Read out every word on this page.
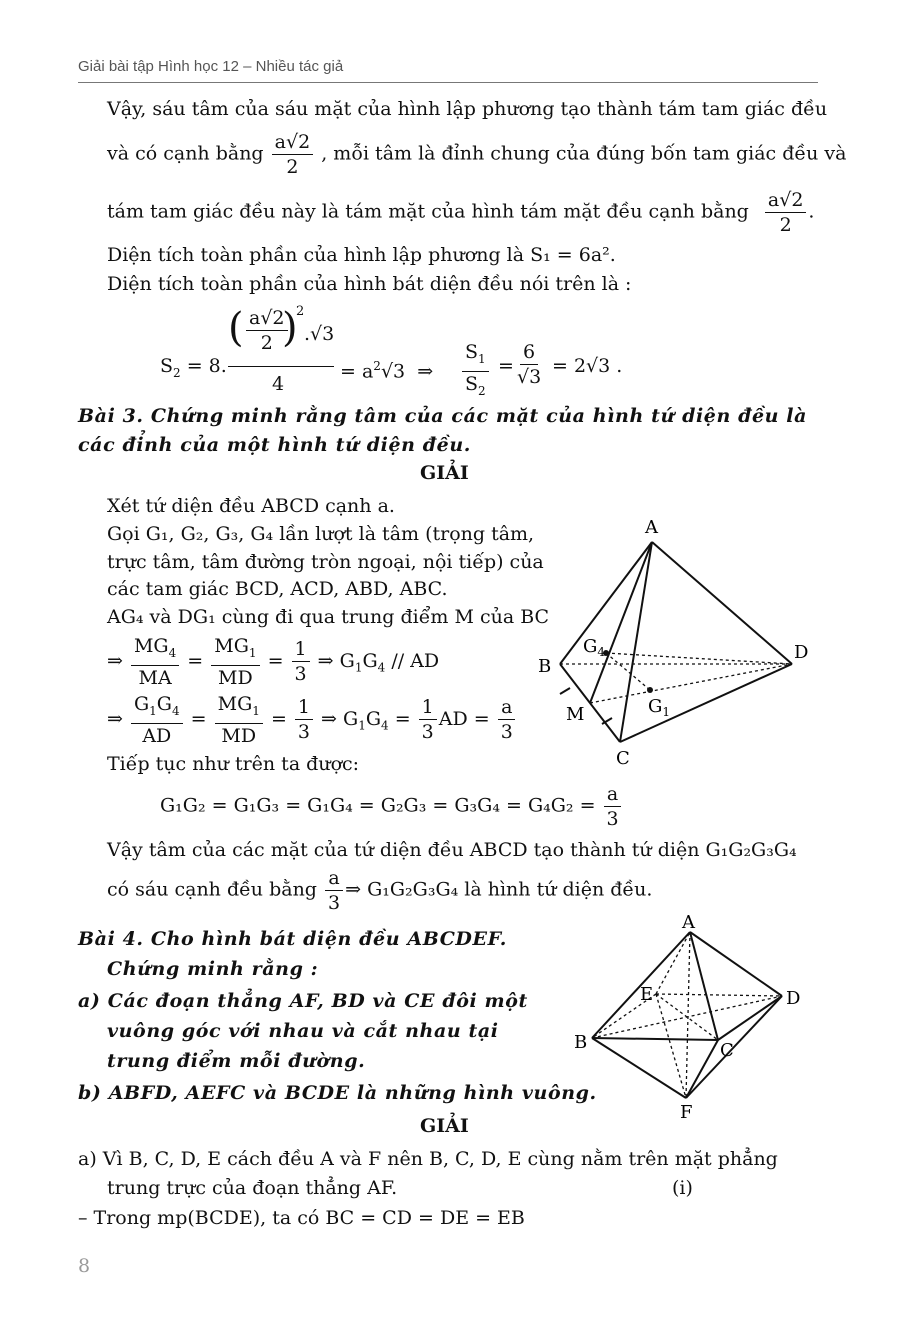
Giải bài tập Hình học 12 – Nhiều tác giả
Vậy, sáu tâm của sáu mặt của hình lập phương tạo thành tám tam giác đều
và có cạnh bằng $\frac{a√2}{2}$ , mỗi tâm là đỉnh chung của đúng bốn tam giác đều và
tám tam giác đều này là tám mặt của hình tám mặt đều cạnh bằng $\frac{a√2}{2}$ .
Diện tích toàn phần của hình lập phương là S₁ = 6a².
Diện tích toàn phần của hình bát diện đều nói trên là :
$S_2 = 8$.
( $\frac{a√2}{2}$
)
2
.√3
4
= $a^2√3$  ⇒ $\frac{S_1}{S_2} = \frac{6}{√3} = 2√3$ .
Bài 3. Chứng minh rằng tâm của các mặt của hình tứ diện đều là
các đỉnh của một hình tứ diện đều.
GIẢI
Xét tứ diện đều ABCD cạnh a.
Gọi G₁, G₂, G₃, G₄ lần lượt là tâm (trọng tâm,
trực tâm, tâm đường tròn ngoại, nội tiếp) của
các tam giác BCD, ACD, ABD, ABC.
AG₄ và DG₁ cùng đi qua trung điểm M của BC
⇒ $\frac{MG_4}{MA} = \frac{MG_1}{MD} = \frac{1}{3}$ ⇒ $G_1G_4$ // AD
⇒ $\frac{G_1G_4}{AD} = \frac{MG_1}{MD} = \frac{1}{3}$ ⇒ $G_1G_4 = \frac{1}{3}$ AD = $\frac{a}{3}$
Tiếp tục như trên ta được:
$G_1G_2 = G_1G_3 = G_1G_4 = G_2G_3 = G_3G_4 = G_4G_2 = \frac{a}{3}$
Vậy tâm của các mặt của tứ diện đều ABCD tạo thành tứ diện G₁G₂G₃G₄
có sáu cạnh đều bằng $\frac{a}{3}$ ⇒ G₁G₂G₃G₄ là hình tứ diện đều.
A
B
C
D
$G_4$
$G_1$
M
Bài 4. Cho hình bát diện đều ABCDEF.
Chứng minh rằng :
a) Các đoạn thẳng AF, BD và CE đôi một
vuông góc với nhau và cắt nhau tại
trung điểm mỗi đường.
b) ABFD, AEFC và BCDE là những hình vuông.
GIẢI
a) Vì B, C, D, E cách đều A và F nên B, C, D, E cùng nằm trên mặt phẳng
trung trực của đoạn thẳng AF.	(i)
– Trong mp(BCDE), ta có BC = CD = DE = EB
A
B	C
D
E
F
8
